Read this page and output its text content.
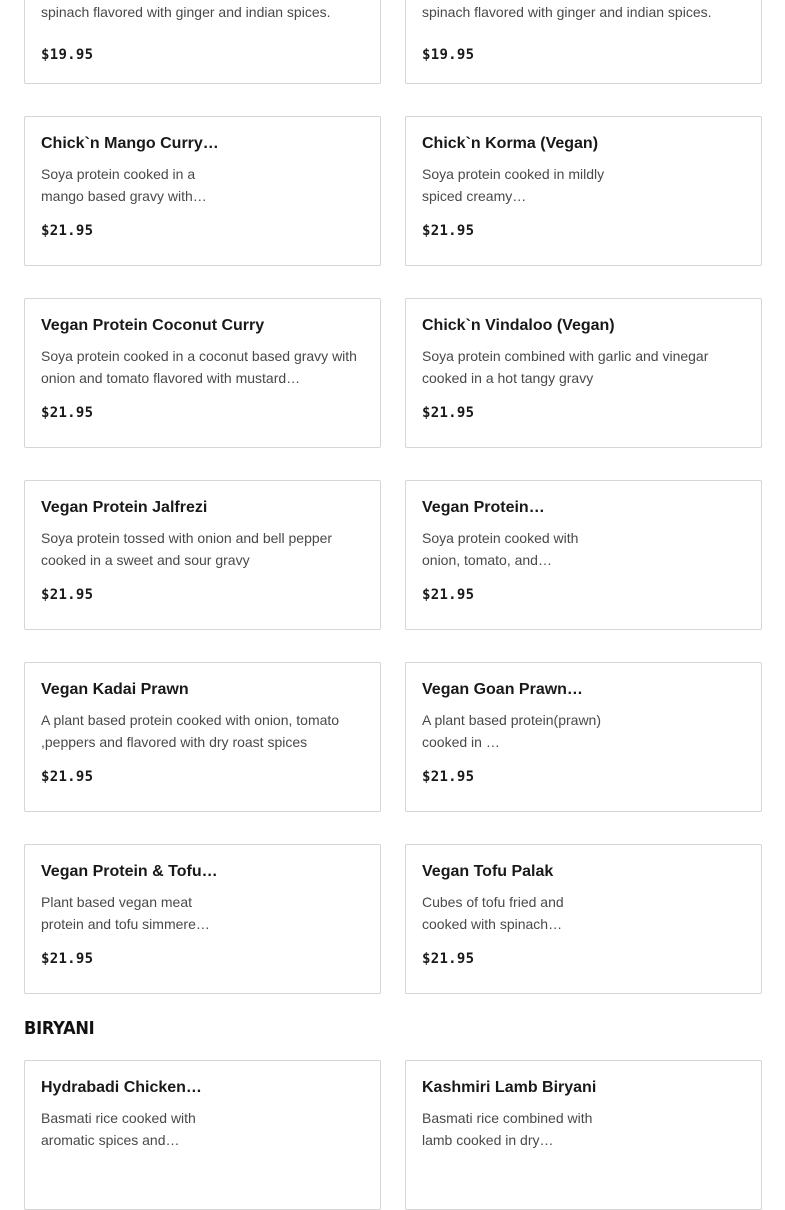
spinach flavored with ginger and indian spices.
$19.95
spinach flavored with ginger and indian spices.
$19.95
Chick`n Mango Curry…
Soya protein cooked in a mango based gravy with…
$21.95
Chick`n Korma (Vegan)
Soya protein cooked in mildly spiced creamy…
$21.95
Vegan Protein Coconut Curry
Soya protein cooked in a coconut based gravy with onion and tomato flavored with mustard…
$21.95
Chick`n Vindaloo (Vegan)
Soya protein combined with garlic and vinegar cooked in a hot tangy gravy
$21.95
Vegan Protein Jalfrezi
Soya protein tossed with onion and bell pepper cooked in a sweet and sour gravy
$21.95
Vegan Protein…
Soya protein cooked with onion, tomato, and…
$21.95
Vegan Kadai Prawn
A plant based protein cooked with onion, tomato ,peppers and flavored with dry roast spices
$21.95
Vegan Goan Prawn…
A plant based protein(prawn) cooked in …
$21.95
Vegan Protein & Tofu…
Plant based vegan meat protein and tofu simmere…
$21.95
Vegan Tofu Palak
Cubes of tofu fried and cooked with spinach…
$21.95
BIRYANI
Hydrabadi Chicken…
Basmati rice cooked with aromatic spices and…
Kashmiri Lamb Biryani
Basmati rice combined with lamb cooked in dry…
